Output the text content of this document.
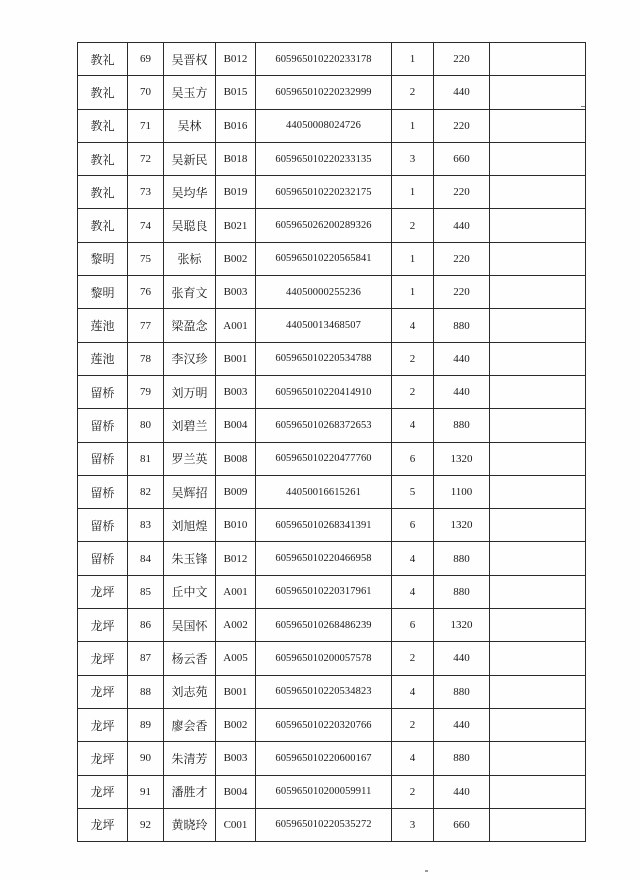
教礼	69	吴晋权	B012	605965010220233178	1	220	
教礼	70	吴玉方	B015	605965010220232999	2	440	
教礼	71	吴林	B016	44050008024726	1	220	
教礼	72	吴新民	B018	605965010220233135	3	660	
教礼	73	吴均华	B019	605965010220232175	1	220	
教礼	74	吴聪良	B021	605965026200289326	2	440	
黎明	75	张标	B002	605965010220565841	1	220	
黎明	76	张育文	B003	44050000255236	1	220	
莲池	77	梁盈念	A001	44050013468507	4	880	
莲池	78	李汉珍	B001	605965010220534788	2	440	
留桥	79	刘万明	B003	605965010220414910	2	440	
留桥	80	刘碧兰	B004	605965010268372653	4	880	
留桥	81	罗兰英	B008	605965010220477760	6	1320	
留桥	82	吴辉招	B009	44050016615261	5	1100	
留桥	83	刘旭煌	B010	605965010268341391	6	1320	
留桥	84	朱玉锋	B012	605965010220466958	4	880	
龙坪	85	丘中文	A001	605965010220317961	4	880	
龙坪	86	吴国怀	A002	605965010268486239	6	1320	
龙坪	87	杨云香	A005	605965010200057578	2	440	
龙坪	88	刘志苑	B001	605965010220534823	4	880	
龙坪	89	廖会香	B002	605965010220320766	2	440	
龙坪	90	朱清芳	B003	605965010220600167	4	880	
龙坪	91	潘胜才	B004	605965010200059911	2	440	
龙坪	92	黄晓玲	C001	605965010220535272	3	660	
